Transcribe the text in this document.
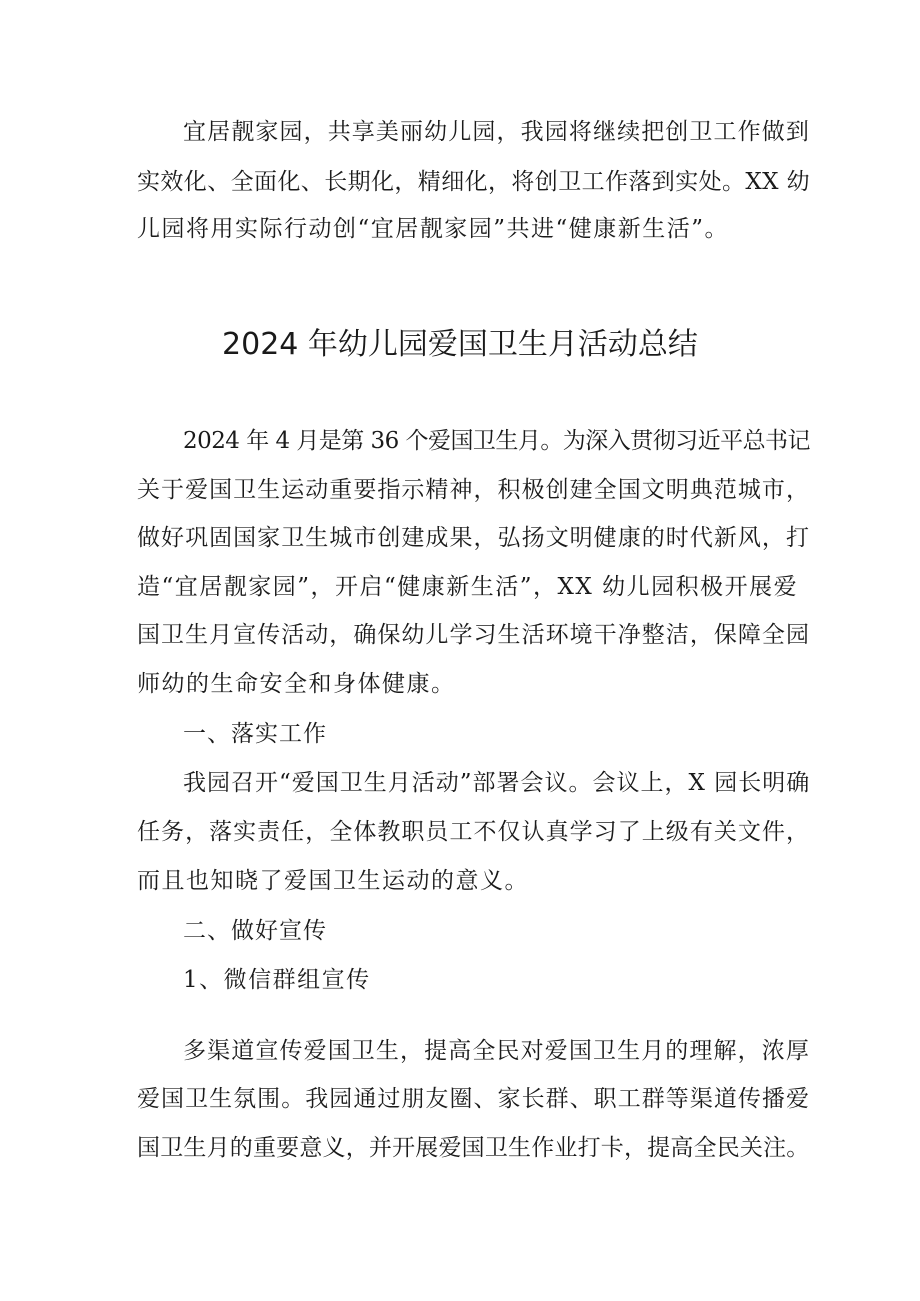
宜居靓家园，共享美丽幼儿园，我园将继续把创卫工作做到
实效化、全面化、长期化，精细化，将创卫工作落到实处。XX 幼
儿园将用实际行动创“宜居靓家园”共进“健康新生活”。
2024 年幼儿园爱国卫生月活动总结
2024 年 4 月是第 36 个爱国卫生月。为深入贯彻习近平总书记
关于爱国卫生运动重要指示精神，积极创建全国文明典范城市，
做好巩固国家卫生城市创建成果，弘扬文明健康的时代新风，打
造“宜居靓家园”，开启“健康新生活”，XX 幼儿园积极开展爱
国卫生月宣传活动，确保幼儿学习生活环境干净整洁，保障全园
师幼的生命安全和身体健康。
一、落实工作
我园召开“爱国卫生月活动”部署会议。会议上，X 园长明确
任务，落实责任，全体教职员工不仅认真学习了上级有关文件，
而且也知晓了爱国卫生运动的意义。
二、做好宣传
1、微信群组宣传
多渠道宣传爱国卫生，提高全民对爱国卫生月的理解，浓厚
爱国卫生氛围。我园通过朋友圈、家长群、职工群等渠道传播爱
国卫生月的重要意义，并开展爱国卫生作业打卡，提高全民关注。
